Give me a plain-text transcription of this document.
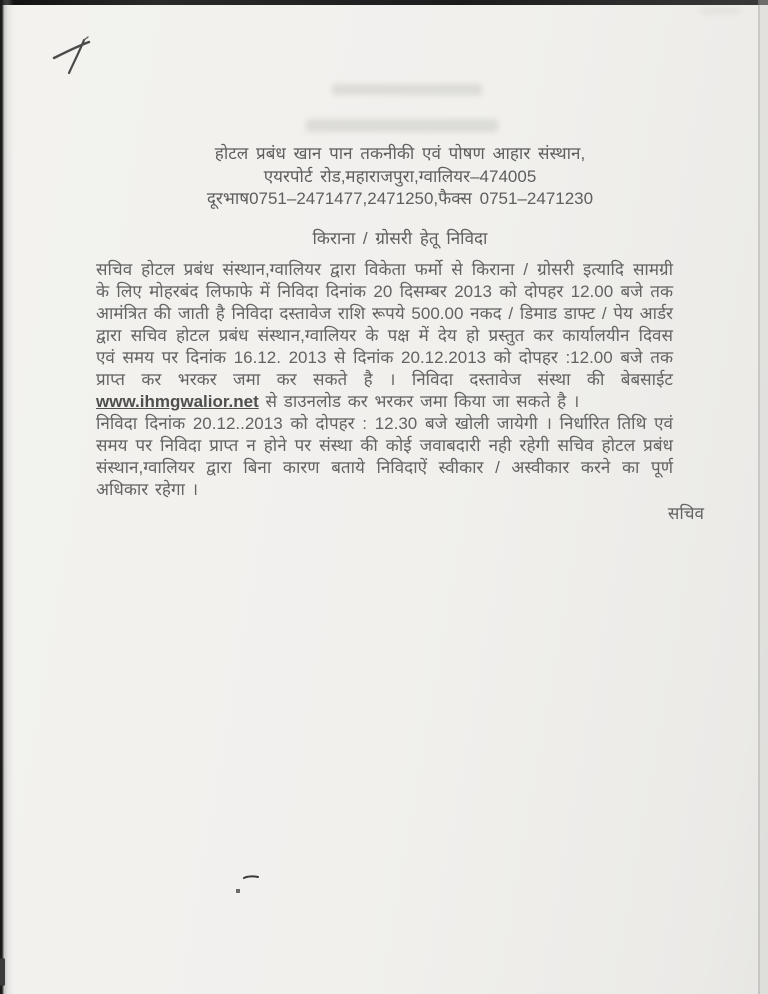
होटल प्रबंध खान पान तकनीकी एवं पोषण आहार संस्थान,
एयरपोर्ट रोड,महाराजपुरा,ग्वालियर–474005
दूरभाष0751–2471477,2471250,फैक्स 0751–2471230
किराना / ग्रोसरी हेतू निविदा
सचिव होटल प्रबंध संस्थान,ग्वालियर द्वारा विकेता फर्मो से किराना / ग्रोसरी इत्यादि सामग्री
के लिए मोहरबंद लिफाफे में निविदा दिनांक 20 दिसम्बर 2013 को दोपहर 12.00 बजे तक
आमंत्रित की जाती है निविदा दस्तावेज राशि रूपये 500.00 नकद / डिमाड डाफ्ट / पेय आर्डर
द्वारा सचिव होटल प्रबंध संस्थान,ग्वालियर के पक्ष में देय हो प्रस्तुत कर कार्यालयीन दिवस
एवं समय पर दिनांक 16.12. 2013 से दिनांक 20.12.2013 को दोपहर :12.00 बजे तक
प्राप्त कर भरकर जमा कर सकते है । निविदा दस्तावेज संस्था की बेबसाईट
www.ihmgwalior.net से डाउनलोड कर भरकर जमा किया जा सकते है ।
निविदा दिनांक 20.12..2013 को दोपहर : 12.30 बजे खोली जायेगी । निर्धारित तिथि एवं
समय पर निविदा प्राप्त न होने पर संस्था की कोई जवाबदारी नही रहेगी सचिव होटल प्रबंध
संस्थान,ग्वालियर द्वारा बिना कारण बताये निविदाऐं स्वीकार / अस्वीकार करने का पूर्ण
अधिकार रहेगा ।
सचिव
